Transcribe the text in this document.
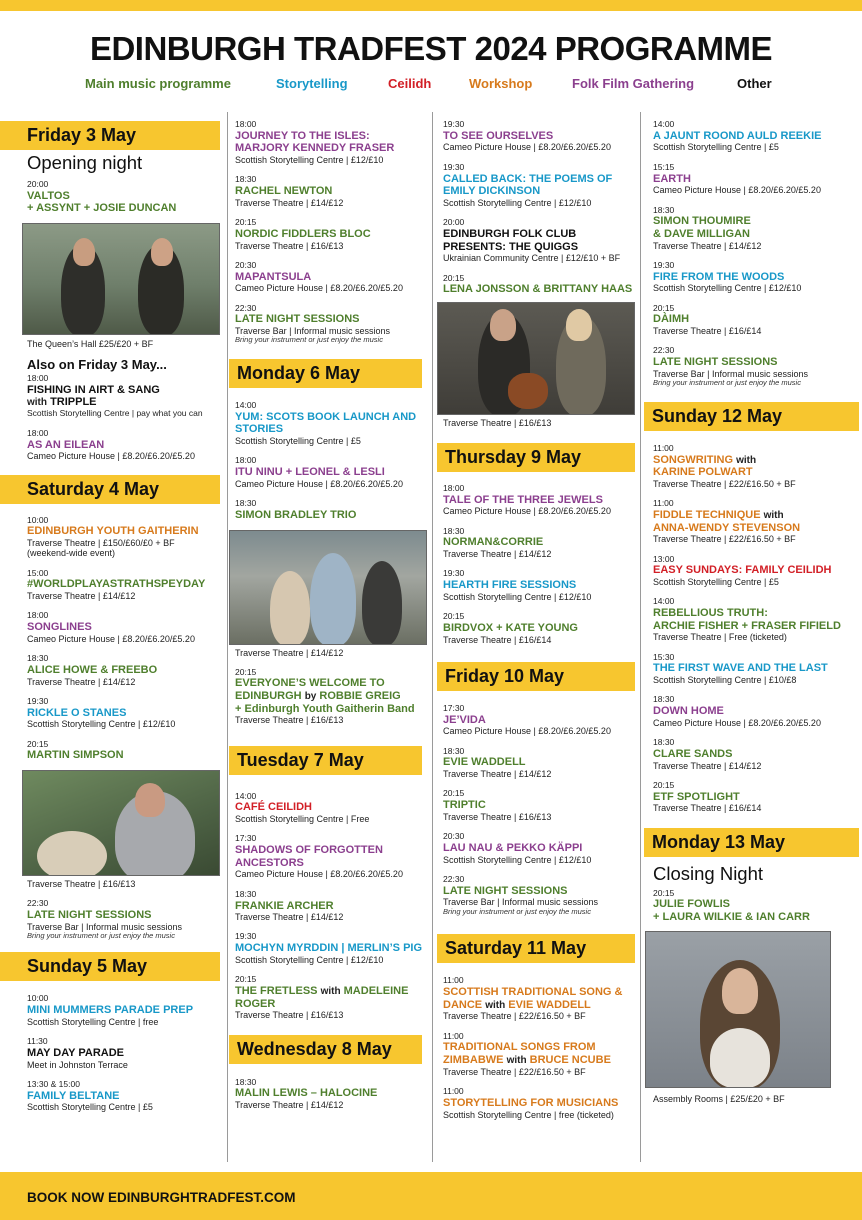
EDINBURGH TRADFEST 2024 PROGRAMME
Main music programme	Storytelling	Ceilidh	Workshop	Folk Film Gathering	Other
Friday 3 May
Opening night
20:00
VALTOS
+ ASSYNT + JOSIE DUNCAN
The Queen’s Hall £25/£20 + BF
Also on Friday 3 May...
18:00
FISHING IN AIRT & SANG
with TRIPPLE
Scottish Storytelling Centre | pay what you can
18:00
AS AN EILEAN
Cameo Picture House | £8.20/£6.20/£5.20
Saturday 4 May
10:00
EDINBURGH YOUTH GAITHERIN
Traverse Theatre | £150/£60/£0 + BF
(weekend-wide event)
15:00
#WORLDPLAYASTRATHSPEYDAY
Traverse Theatre | £14/£12
18:00
SONGLINES
Cameo Picture House | £8.20/£6.20/£5.20
18:30
ALICE HOWE & FREEBO
Traverse Theatre | £14/£12
19:30
RICKLE O STANES
Scottish Storytelling Centre | £12/£10
20:15
MARTIN SIMPSON
Traverse Theatre | £16/£13
22:30
LATE NIGHT SESSIONS
Traverse Bar | Informal music sessions
Bring your instrument or just enjoy the music
Sunday 5 May
10:00
MINI MUMMERS PARADE PREP
Scottish Storytelling Centre | free
11:30
MAY DAY PARADE
Meet in Johnston Terrace
13:30 & 15:00
FAMILY BELTANE
Scottish Storytelling Centre | £5
18:00
JOURNEY TO THE ISLES:
MARJORY KENNEDY FRASER
Scottish Storytelling Centre | £12/£10
18:30
RACHEL NEWTON
Traverse Theatre | £14/£12
20:15
NORDIC FIDDLERS BLOC
Traverse Theatre | £16/£13
20:30
MAPANTSULA
Cameo Picture House | £8.20/£6.20/£5.20
22:30
LATE NIGHT SESSIONS
Traverse Bar | Informal music sessions
Bring your instrument or just enjoy the music
Monday 6 May
14:00
YUM: SCOTS BOOK LAUNCH AND
STORIES
Scottish Storytelling Centre | £5
18:00
ITU NINU + LEONEL & LESLI
Cameo Picture House | £8.20/£6.20/£5.20
18:30
SIMON BRADLEY TRIO
Traverse Theatre | £14/£12
20:15
EVERYONE’S WELCOME TO
EDINBURGH by ROBBIE GREIG
+ Edinburgh Youth Gaitherin Band
Traverse Theatre | £16/£13
Tuesday 7 May
14:00
CAFÉ CEILIDH
Scottish Storytelling Centre | Free
17:30
SHADOWS OF FORGOTTEN
ANCESTORS
Cameo Picture House | £8.20/£6.20/£5.20
18:30
FRANKIE ARCHER
Traverse Theatre | £14/£12
19:30
MOCHYN MYRDDIN | MERLIN’S PIG
Scottish Storytelling Centre | £12/£10
20:15
THE FRETLESS with MADELEINE
ROGER
Traverse Theatre | £16/£13
Wednesday 8 May
18:30
MALIN LEWIS – HALOCINE
Traverse Theatre | £14/£12
19:30
TO SEE OURSELVES
Cameo Picture House | £8.20/£6.20/£5.20
19:30
CALLED BACK: THE POEMS OF
EMILY DICKINSON
Scottish Storytelling Centre | £12/£10
20:00
EDINBURGH FOLK CLUB
PRESENTS: THE QUIGGS
Ukrainian Community Centre | £12/£10 + BF
20:15
LENA JONSSON & BRITTANY HAAS
Traverse Theatre | £16/£13
Thursday 9 May
18:00
TALE OF THE THREE JEWELS
Cameo Picture House | £8.20/£6.20/£5.20
18:30
NORMAN&CORRIE
Traverse Theatre | £14/£12
19:30
HEARTH FIRE SESSIONS
Scottish Storytelling Centre | £12/£10
20:15
BIRDVOX + KATE YOUNG
Traverse Theatre | £16/£14
Friday 10 May
17:30
JE’VIDA
Cameo Picture House | £8.20/£6.20/£5.20
18:30
EVIE WADDELL
Traverse Theatre | £14/£12
20:15
TRIPTIC
Traverse Theatre | £16/£13
20:30
LAU NAU & PEKKO KÄPPI
Scottish Storytelling Centre | £12/£10
22:30
LATE NIGHT SESSIONS
Traverse Bar | Informal music sessions
Bring your instrument or just enjoy the music
Saturday 11 May
11:00
SCOTTISH TRADITIONAL SONG &
DANCE with EVIE WADDELL
Traverse Theatre | £22/£16.50 + BF
11:00
TRADITIONAL SONGS FROM
ZIMBABWE with BRUCE NCUBE
Traverse Theatre | £22/£16.50 + BF
11:00
STORYTELLING FOR MUSICIANS
Scottish Storytelling Centre | free (ticketed)
14:00
A JAUNT ROOND AULD REEKIE
Scottish Storytelling Centre | £5
15:15
EARTH
Cameo Picture House | £8.20/£6.20/£5.20
18:30
SIMON THOUMIRE
& DAVE MILLIGAN
Traverse Theatre | £14/£12
19:30
FIRE FROM THE WOODS
Scottish Storytelling Centre | £12/£10
20:15
DÀIMH
Traverse Theatre | £16/£14
22:30
LATE NIGHT SESSIONS
Traverse Bar | Informal music sessions
Bring your instrument or just enjoy the music
Sunday 12 May
11:00
SONGWRITING with
KARINE POLWART
Traverse Theatre | £22/£16.50 + BF
11:00
FIDDLE TECHNIQUE with
ANNA-WENDY STEVENSON
Traverse Theatre | £22/£16.50 + BF
13:00
EASY SUNDAYS: FAMILY CEILIDH
Scottish Storytelling Centre | £5
14:00
REBELLIOUS TRUTH:
ARCHIE FISHER + FRASER FIFIELD
Traverse Theatre | Free (ticketed)
15:30
THE FIRST WAVE AND THE LAST
Scottish Storytelling Centre | £10/£8
18:30
DOWN HOME
Cameo Picture House | £8.20/£6.20/£5.20
18:30
CLARE SANDS
Traverse Theatre | £14/£12
20:15
ETF SPOTLIGHT
Traverse Theatre | £16/£14
Monday 13 May
Closing Night
20:15
JULIE FOWLIS
+ LAURA WILKIE & IAN CARR
Assembly Rooms | £25/£20 + BF
BOOK NOW EDINBURGHTRADFEST.COM
